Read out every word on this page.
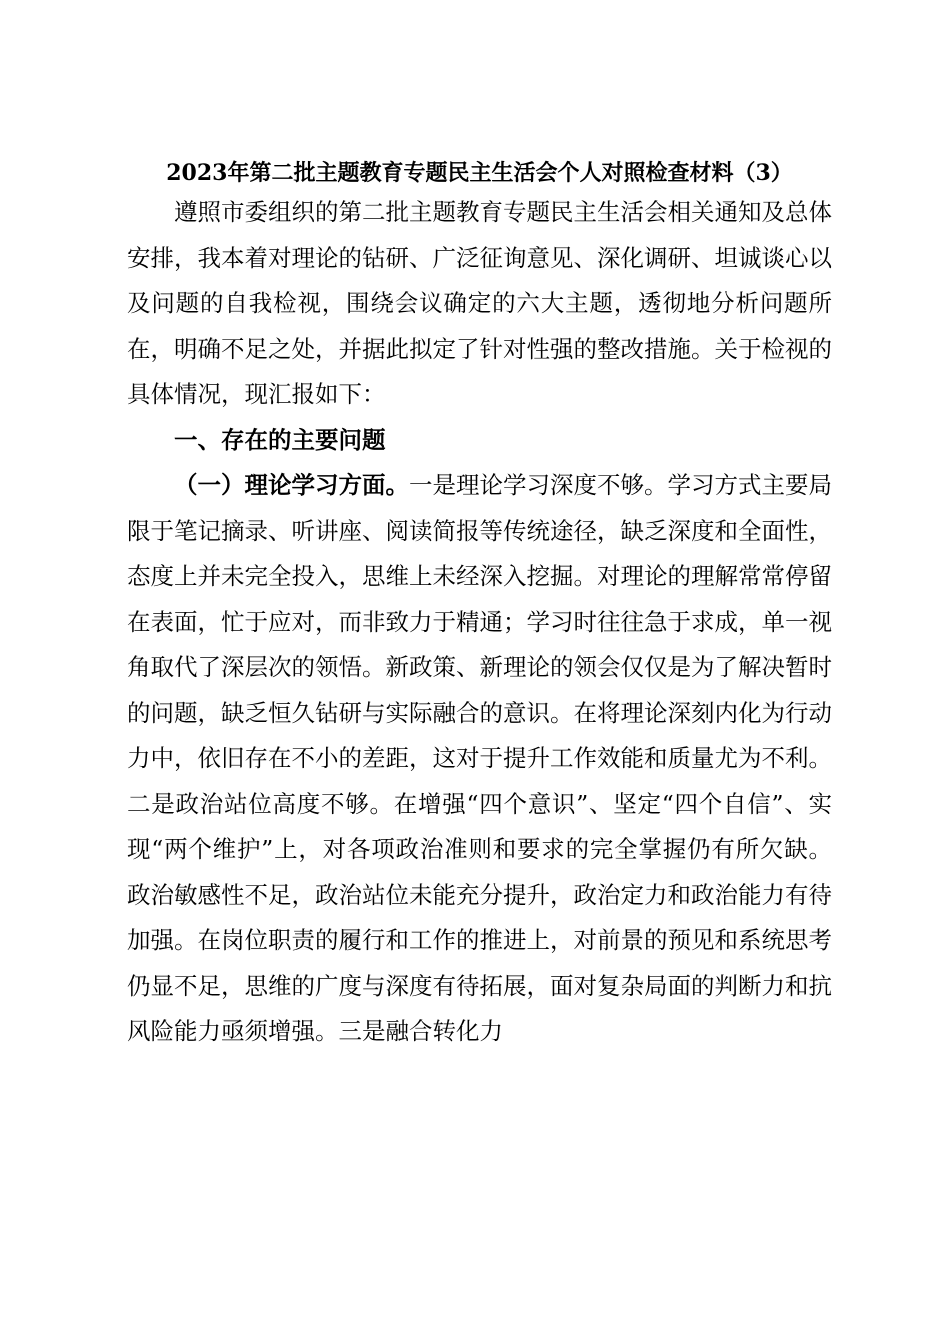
2023年第二批主题教育专题民主生活会个人对照检查材料（3）

遵照市委组织的第二批主题教育专题民主生活会相关通知及总体安排，我本着对理论的钻研、广泛征询意见、深化调研、坦诚谈心以及问题的自我检视，围绕会议确定的六大主题，透彻地分析问题所在，明确不足之处，并据此拟定了针对性强的整改措施。关于检视的具体情况，现汇报如下：

一、存在的主要问题

（一）理论学习方面。一是理论学习深度不够。学习方式主要局限于笔记摘录、听讲座、阅读简报等传统途径，缺乏深度和全面性，态度上并未完全投入，思维上未经深入挖掘。对理论的理解常常停留在表面，忙于应对，而非致力于精通；学习时往往急于求成，单一视角取代了深层次的领悟。新政策、新理论的领会仅仅是为了解决暂时的问题，缺乏恒久钻研与实际融合的意识。在将理论深刻内化为行动力中，依旧存在不小的差距，这对于提升工作效能和质量尤为不利。二是政治站位高度不够。在增强“四个意识”、坚定“四个自信”、实现“两个维护”上，对各项政治准则和要求的完全掌握仍有所欠缺。政治敏感性不足，政治站位未能充分提升，政治定力和政治能力有待加强。在岗位职责的履行和工作的推进上，对前景的预见和系统思考仍显不足，思维的广度与深度有待拓展，面对复杂局面的判断力和抗风险能力亟须增强。三是融合转化力
